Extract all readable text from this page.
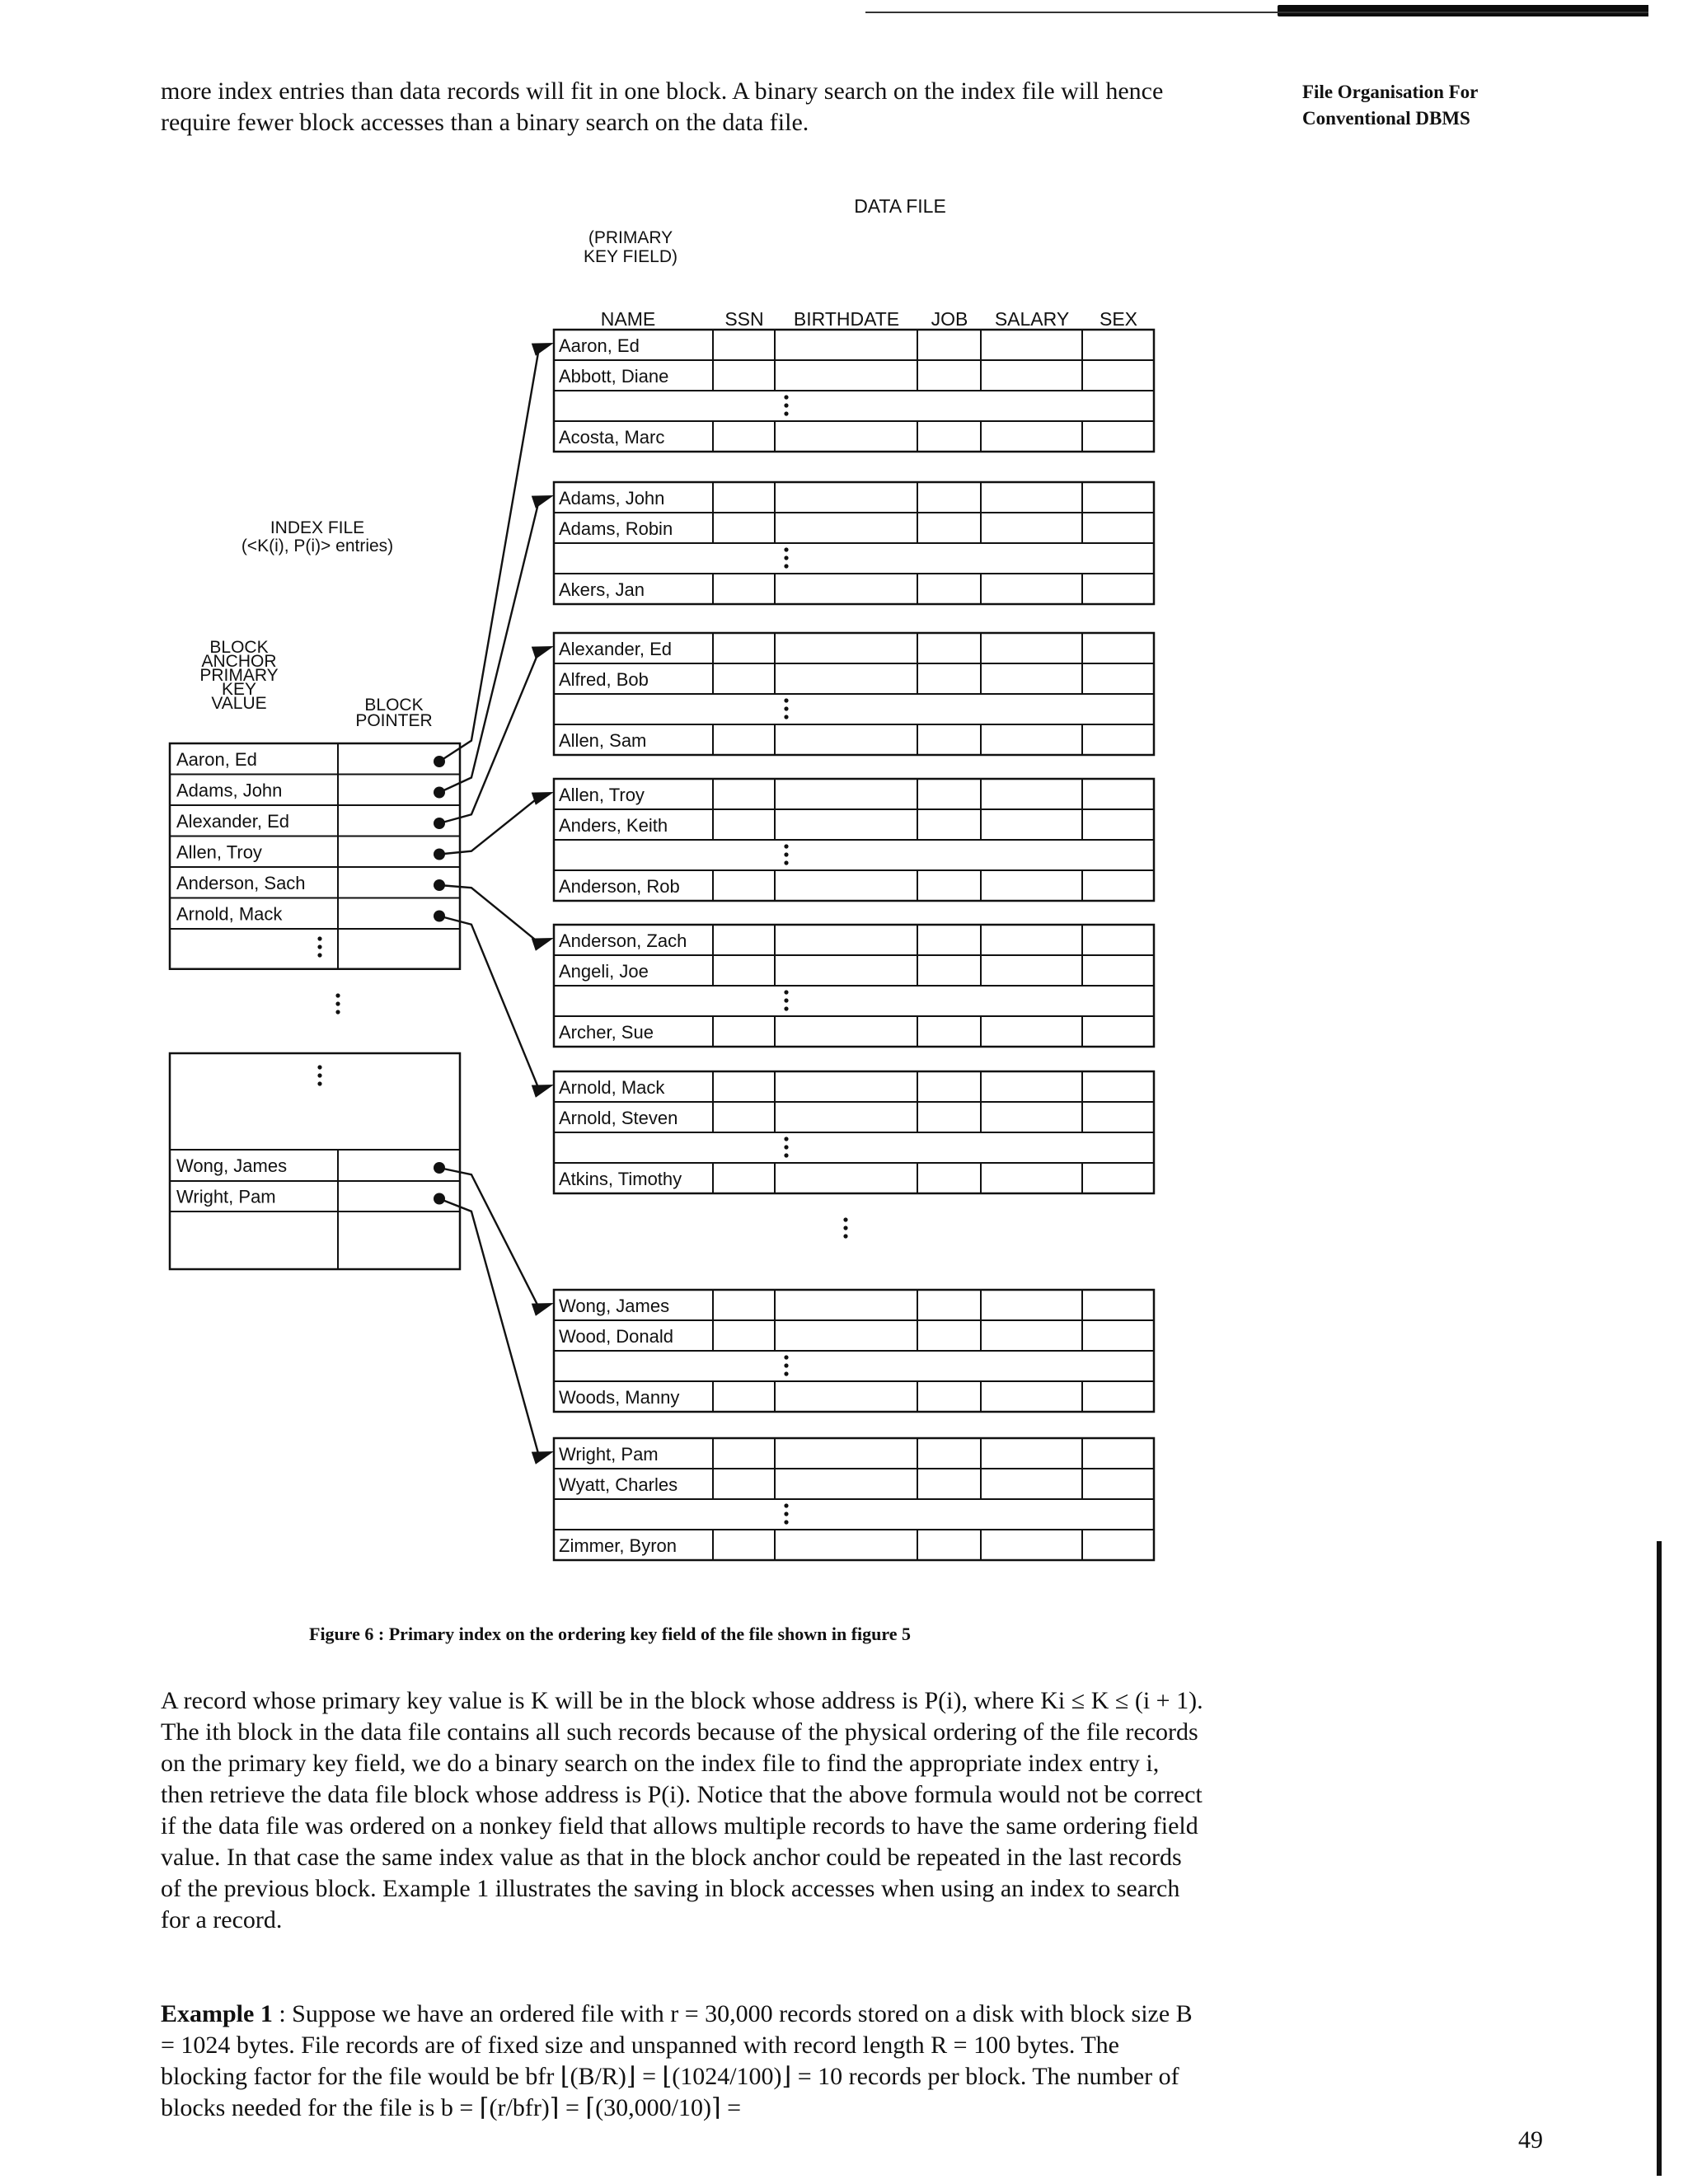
more index entries than data records will fit in one block. A binary search on the index file will hence require fewer block accesses than a binary search on the data file.

File Organisation For
Conventional DBMS
DATA FILE
(PRIMARY
KEY FIELD)
INDEX FILE
(<K(i), P(i)> entries)
BLOCK
ANCHOR
PRIMARY
KEY
VALUE	BLOCK
POINTER
NAME	SSN BIRTHDATE JOB SALARY SEX
Aaron, Ed
Abbott, Diane
Acosta, Marc
Adams, John
Adams, Robin
Akers, Jan
Alexander, Ed
Alfred, Bob
Allen, Sam
Allen, Troy
Anders, Keith
Anderson, Rob
Anderson, Zach
Angeli, Joe
Archer, Sue
Arnold, Mack
Arnold, Steven
Atkins, Timothy
Wong, James
Wood, Donald
Woods, Manny
Wright, Pam
Wyatt, Charles
Zimmer, Byron
Aaron, Ed
Adams, John
Alexander, Ed
Allen, Troy
Anderson, Sach
Arnold, Mack
Wong, James
Wright, Pam

Figure 6 : Primary index on the ordering key field of the file shown in figure 5

A record whose primary key value is K will be in the block whose address is P(i), where Ki ≤ K ≤ (i + 1). The ith block in the data file contains all such records because of the physical ordering of the file records on the primary key field, we do a binary search on the index file to find the appropriate index entry i, then retrieve the data file block whose address is P(i). Notice that the above formula would not be correct if the data file was ordered on a nonkey field that allows multiple records to have the same ordering field value. In that case the same index value as that in the block anchor could be repeated in the last records of the previous block. Example 1 illustrates the saving in block accesses when using an index to search for a record.

Example 1 : Suppose we have an ordered file with r = 30,000 records stored on a disk with block size B = 1024 bytes. File records are of fixed size and unspanned with record length R = 100 bytes. The blocking factor for the file would be bfr ⌊(B/R)⌋ = ⌊(1024/100)⌋ = 10 records per block. The number of blocks needed for the file is b = ⌈(r/bfr)⌉ = ⌈(30,000/10)⌉ =

49
